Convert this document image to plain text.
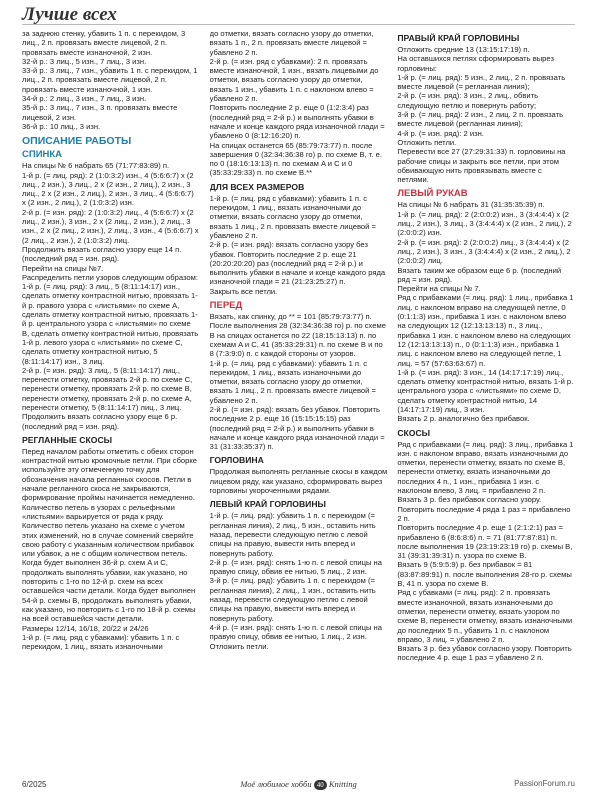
Лучше всех

за заднюю стенку, убавить 1 п. с перекидом, 3 лиц., 2 п. провязать вместе лицевой, 2 п. провязать вместе изнаночной, 2 изн.

32-й р.: 3 лиц., 5 изн., 7 лиц., 3 изн.

33-й р.: 3 лиц., 7 изн., убавить 1 п. с перекидом, 1 лиц., 2 п. провязать вместе лицевой, 2 п. провязать вместе изнаночной, 1 изн.

34-й р.: 2 лиц., 3 изн., 7 лиц., 3 изн.

35-й р.: 3 лиц., 7 изн., 3 п. провязать вместе лицевой, 2 изн.

36-й р.: 10 лиц., 3 изн.

ОПИСАНИЕ РАБОТЫ
СПИНКА

На спицы № 6 набрать 65 (71:77:83:89) п.

1-й р. (= лиц. ряд): 2 (1:0:3:2) изн., 4 (5:6:6:7) х (2 лиц., 2 изн.), 3 лиц., 2 х (2 изн., 2 лиц.), 2 изн., 3 лиц., 2 х (2 изн., 2 лиц.), 2 изн., 3 лиц., 4 (5:6:6:7) х (2 изн., 2 лиц.), 2 (1:0:3:2) изн.

2-й р. (= изн. ряд): 2 (1:0:3:2) лиц., 4 (5:6:6:7) х (2 лиц., 2 изн.), 3 изн., 2 х (2 лиц., 2 изн.), 2 лиц., 3 изн., 2 х (2 лиц., 2 изн.), 2 лиц., 3 изн., 4 (5:6:6:7) х (2 лиц., 2 изн.), 2 (1:0:3:2) лиц.

Продолжить вязать согласно узору еще 14 п. (последний ряд = изн. ряд).

Перейти на спицы №7.

Распределить петли узоров следующим образом:

1-й р. (= лиц. ряд): 3 лиц., 5 (8:11:14:17) изн., сделать отметку контрастной нитью, провязать 1-й р. правого узора с «листьями» по схеме A, сделать отметку контрастной нитью, провязать 1-й р. центрального узора с «листьями» по схеме B, сделать отметку контрастной нитью, провязать 1-й р. левого узора с «листьями» по схеме C, сделать отметку контрастной нитью, 5 (8:11:14:17) изн., 3 лиц.

2-й р. (= изн. ряд): 3 лиц., 5 (8:11:14:17) лиц., перенести отметку, провязать 2-й р. по схеме C, перенести отметку, провязать 2-й р. по схеме B, перенести отметку, провязать 2-й р. по схеме A, перенести отметку, 5 (8:11:14:17) лиц., 3 лиц.

Продолжить вязать согласно узору еще 6 р. (последний ряд = изн. ряд).

РЕГЛАННЫЕ СКОСЫ

Перед началом работы отметить с обеих сторон контрастной нитью кромочные петли. При сборке используйте эту отмеченную точку для обозначения начала регланных скосов. Петли в начале регланного скоса не закрываются, формирование проймы начинается немедленно. Количество петель в узорах с рельефными «листьями» варьируется от ряда к ряду. Количество петель указано на схеме с учетом этих изменений, но в случае сомнений сверяйте свою работу с указанным количеством прибавок или убавок, а не с общим количеством петель. Когда будет выполнен 36-й р. схем A и C, продолжать выполнять убавки, как указано, но повторить с 1-го по 12-й р. схем на всех оставшейся части детали. Когда будет выполнен 54-й р. схемы B, продолжать выполнять убавки, как указано, но повторить с 1-го по 18-й р. схемы на всей оставшейся части детали.

Размеры 12/14, 16/18, 20/22 и 24/26

1-й р. (= лиц. ряд с убавками): убавить 1 п. с перекидом, 1 лиц., вязать изнаночными

до отметки, вязать согласно узору до отметки, вязать 1 п., 2 п. провязать вместе лицевой = убавлено 2 п.

2-й р. (= изн. ряд с убавками): 2 п. провязать вместе изнаночной, 1 изн., вязать лицевыми до отметки, вязать согласно узору до отметки, вязать 1 изн., убавить 1 п. с наклоном влево = убавлено 2 п.

Повторить последние 2 р. еще 0 (1:2:3:4) раз (последний ряд = 2-й р.) и выполнять убавки в начале и конце каждого ряда изнаночной глади = убавлено 0 (8:12:16:20) п.

На спицах останется 65 (85:79:73:77) п. после завершения 0 (32:34:36:38 го) р. по схеме B, т. е. по 0 (18:16:13:13) п. по схемам A и C и 0 (35:33:29:33) п. по схеме B.**

ДЛЯ ВСЕХ РАЗМЕРОВ

1-й р. (= лиц. ряд с убавками): убавить 1 п. с перекидом, 1 лиц., вязать изнаночными до отметки, вязать согласно узору до отметки, вязать 1 лиц., 2 п. провязать вместе лицевой = убавлено 2 п.

2-й р. (= изн. ряд): вязать согласно узору без убавок. Повторить последние 2 р. еще 21 (20:20:20:20) раз (последний ряд = 2-й р.) и выполнить убавки в начале и конце каждого ряда изнаночной глади = 21 (21:23:25:27) п.

Закрыть все петли.

ПЕРЕД

Вязать, как спинку, до ** = 101 (85:79:73:77) п.

После выполнения 28 (32:34:36:38 го) р. по схеме B на спицах останется по 22 (18:15:13:13) п. по схемам A и C, 41 (35:33:29:31) п. по схеме B и по 8 (7:3:9:0) п. с каждой стороны от узоров.

1-й р. (= лиц. ряд с убавками): убавить 1 п. с перекидом, 1 лиц., вязать изнаночными до отметки, вязать согласно узору до отметки, вязать 1 лиц., 2 п. провязать вместе лицевой = убавлено 2 п.

2-й р. (= изн. ряд): вязать без убавок. Повторить последние 2 р. еще 16 (15:15:15:15) раз (последний ряд = 2-й р.) и выполнить убавки в начале и конце каждого ряда изнаночной глади = 31 (31:33:35:37) п.

ГОРЛОВИНА

Продолжая выполнять регланные скосы в каждом лицевом ряду, как указано, сформировать вырез горловины укороченными рядами.

ЛЕВЫЙ КРАЙ ГОРЛОВИНЫ

1-й р. (= лиц. ряд): убавить 1 п. с перекидом (= регланная линия), 2 лиц., 5 изн., оставить нить назад, перевести следующую петлю с левой спицы на правую, вывести нить вперед и повернуть работу.

2-й р. (= изн. ряд): снять 1-ю п. с левой спицы на правую спицу, обвив ее нитью, 5 лиц., 2 изн.

3-й р. (= лиц. ряд): убавить 1 п. с перекидом (= регланная линия), 2 лиц., 1 изн., оставить нить назад, перевести следующую петлю с левой спицы на правую, вывести нить вперед и повернуть работу.

4-й р. (= изн. ряд): снять 1-ю п. с левой спицы на правую спицу, обвив ее нитью, 1 лиц., 2 изн.

Отложить петли.

ПРАВЫЙ КРАЙ ГОРЛОВИНЫ

Отложить средние 13 (13:15:17:19) п.

На оставшихся петлях сформировать вырез горловины:

1-й р. (= лиц. ряд): 5 изн., 2 лиц., 2 п. провязать вместе лицевой (= регланная линия);

2-й р. (= изн. ряд): 3 изн., 2 лиц., обвить следующую петлю и повернуть работу;

3-й р. (= лиц. ряд): 2 изн., 2 лиц. 2 п. провязать вместе лицевой (регланная линия);

4-й р. (= изн. ряд): 2 изн.

Отложить петли.

Перевести все 27 (27:29:31:33) п. горловины на рабочие спицы и закрыть все петли, при этом обвивающую нить провязывать вместе с петлями.

ЛЕВЫЙ РУКАВ

На спицы № 6 набрать 31 (31:35:35:39) п.

1-й р. (= лиц. ряд): 2 (2:0:0:2) изн., 3 (3:4:4:4) х (2 лиц., 2 изн.), 3 лиц., 3 (3:4:4:4) х (2 изн., 2 лиц.), 2 (2:0:0:2) изн.

2-й р. (= изн. ряд): 2 (2:0:0:2) лиц., 3 (3:4:4:4) х (2 лиц., 2 изн.), 3 изн., 3 (3:4:4:4) х (2 изн., 2 лиц.), 2 (2:0:0:2) лиц.

Вязать таким же образом еще 6 р. (последний ряд = изн. ряд).

Перейти на спицы № 7.

Ряд с прибавками (= лиц. ряд): 1 лиц., прибавка 1 лиц. с наклоном вправо на следующей петле, 0 (0:1:1:3) изн., прибавка 1 изн. с наклоном влево на следующих 12 (12:13:13:13) п., 3 лиц., прибавка 1 изн. с наклоном влево на следующих 12 (12:13:13:13) п., 0 (0:1:1:3) изн., прибавка 1 лиц. с наклоном влево на следующей петле, 1 лиц. = 57 (57:63:63:67) п.

1-й р. (= изн. ряд): 3 изн., 14 (14:17:17:19) лиц., сделать отметку контрастной нитью, вязать 1-й р. центрального узора с «листьями» по схеме D, сделать отметку контрастной нитью, 14 (14:17:17:19) лиц., 3 изн.

Вязать 2 р. аналогично без прибавок.

СКОСЫ

Ряд с прибавками (= лиц. ряд): 3 лиц., прибавка 1 изн. с наклоном вправо, вязать изнаночными до отметки, перенести отметку, вязать по схеме B, перенести отметку, вязать изнаночными до последних 4 п., 1 изн., прибавка 1 изн. с наклоном влево, 3 лиц. = прибавлено 2 п.

Вязать 3 р. без прибавок согласно узору. Повторить последние 4 ряда 1 раз = прибавлено 2 п.

Повторить последние 4 р. еще 1 (2:1:2:1) раз = прибавлено 6 (8:6:8:6) п. = 71 (81:77:87:81) п. после выполнения 19 (23:19:23:19 го) р. схемы B, 31 (39:31:39:31) п. узора по схеме B.

Вязать 9 (5:9:5:9) р. без прибавок = 81 (83:87:89:91) п. после выполнения 28-го р. схемы B, 41 п. узора по схеме B.

Ряд с убавками (= лиц. ряд): 2 п. провязать вместе изнаночной, вязать изнаночными до отметки, перенести отметку, вязать узором по схеме B, перенести отметку, вязать изнаночными до последних 5 п., убавить 1 п. с наклоном вправо, 3 лиц. = убавлено 2 п.

Вязать 3 р. без убавок согласно узору. Повторить последние 4 р. еще 1 раз = убавлено 2 п.

6/2025	Моё любимое хобби 40 Knitting	PassionForum.ru
